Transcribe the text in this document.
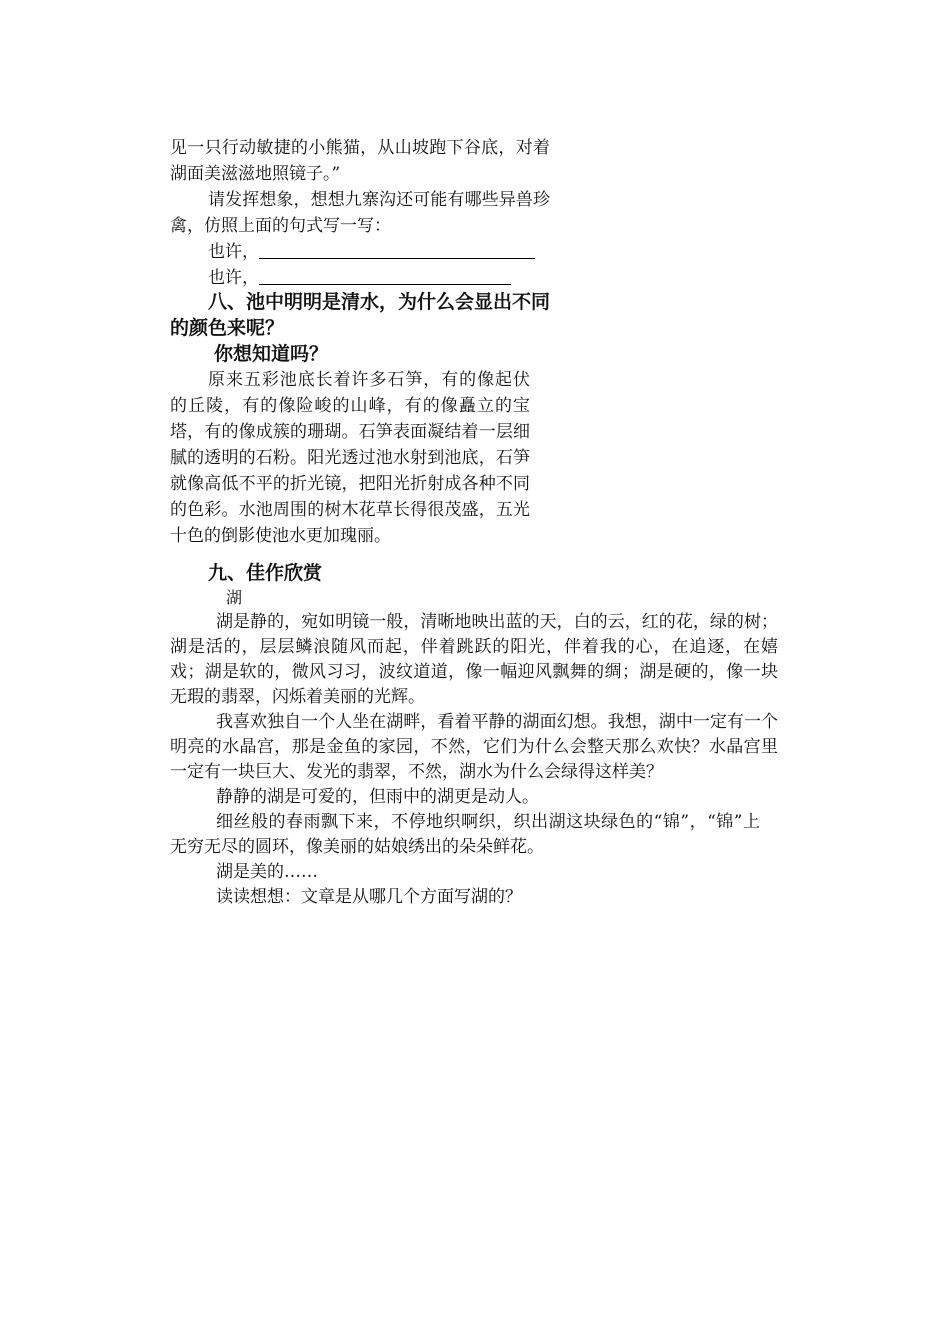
见一只行动敏捷的小熊猫，从山坡跑下谷底，对着湖面美滋滋地照镜子。”

请发挥想象，想想九寨沟还可能有哪些异兽珍禽，仿照上面的句式写一写：

也许，

也许，

八、池中明明是清水，为什么会显出不同的颜色来呢？

你想知道吗？

原来五彩池底长着许多石笋，有的像起伏的丘陵，有的像险峻的山峰，有的像矗立的宝塔，有的像成簇的珊瑚。石笋表面凝结着一层细腻的透明的石粉。阳光透过池水射到池底，石笋就像高低不平的折光镜，把阳光折射成各种不同的色彩。水池周围的树木花草长得很茂盛，五光十色的倒影使池水更加瑰丽。

九、佳作欣赏

湖

湖是静的，宛如明镜一般，清晰地映出蓝的天，白的云，红的花，绿的树；湖是活的，层层鳞浪随风而起，伴着跳跃的阳光，伴着我的心，在追逐，在嬉戏；湖是软的，微风习习，波纹道道，像一幅迎风飘舞的绸；湖是硬的，像一块无瑕的翡翠，闪烁着美丽的光辉。

我喜欢独自一个人坐在湖畔，看着平静的湖面幻想。我想，湖中一定有一个明亮的水晶宫，那是金鱼的家园，不然，它们为什么会整天那么欢快？水晶宫里一定有一块巨大、发光的翡翠，不然，湖水为什么会绿得这样美？

静静的湖是可爱的，但雨中的湖更是动人。

细丝般的春雨飘下来，不停地织啊织，织出湖这块绿色的“锦”，“锦”上无穷无尽的圆环，像美丽的姑娘绣出的朵朵鲜花。

湖是美的……

读读想想：文章是从哪几个方面写湖的？
